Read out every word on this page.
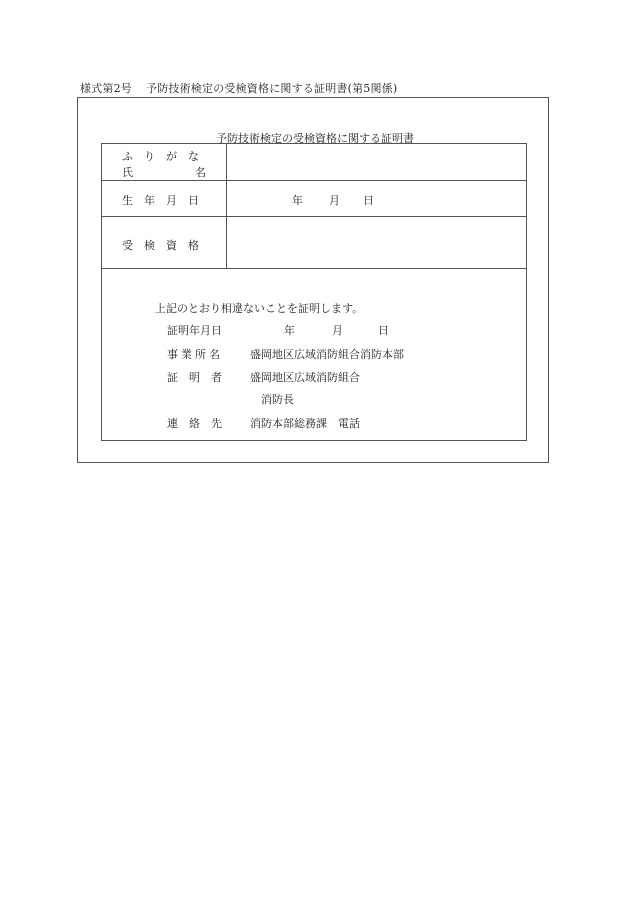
様式第2号 予防技術検定の受検資格に関する証明書(第5関係)
予防技術検定の受検資格に関する証明書
ふりがな
氏	名
生年月日	年 月 日
受検資格
上記のとおり相違ないことを証明します。
証明年月日	年	月	日
事業所名 盛岡地区広域消防組合消防本部
証明者 盛岡地区広域消防組合
消防長
連絡先 消防本部総務課　電話
